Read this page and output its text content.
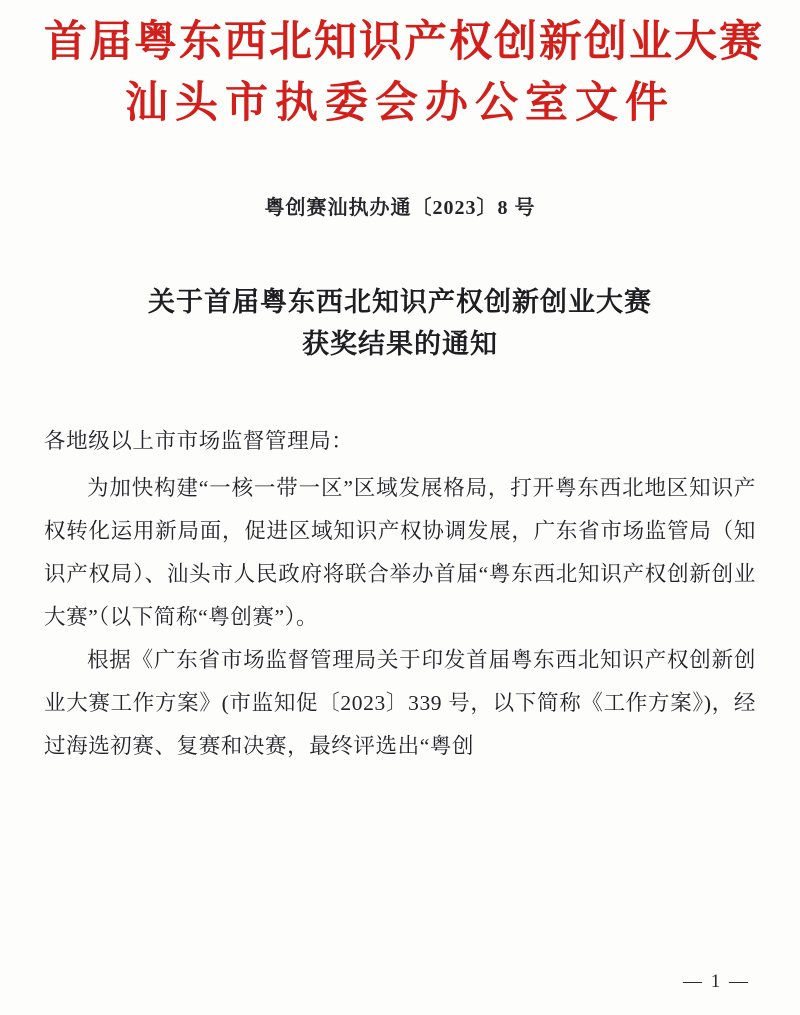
首届粤东西北知识产权创新创业大赛
汕头市执委会办公室文件
粤创赛汕执办通〔2023〕8 号
关于首届粤东西北知识产权创新创业大赛
获奖结果的通知

各地级以上市市场监督管理局：

为加快构建“一核一带一区”区域发展格局，打开粤东西北地区知识产权转化运用新局面，促进区域知识产权协调发展，广东省市场监管局（知识产权局）、汕头市人民政府将联合举办首届“粤东西北知识产权创新创业大赛”（以下简称“粤创赛”）。

根据《广东省市场监督管理局关于印发首届粤东西北知识产权创新创业大赛工作方案》(市监知促〔2023〕339 号，以下简称《工作方案》)，经过海选初赛、复赛和决赛，最终评选出“粤创

— 1 —
